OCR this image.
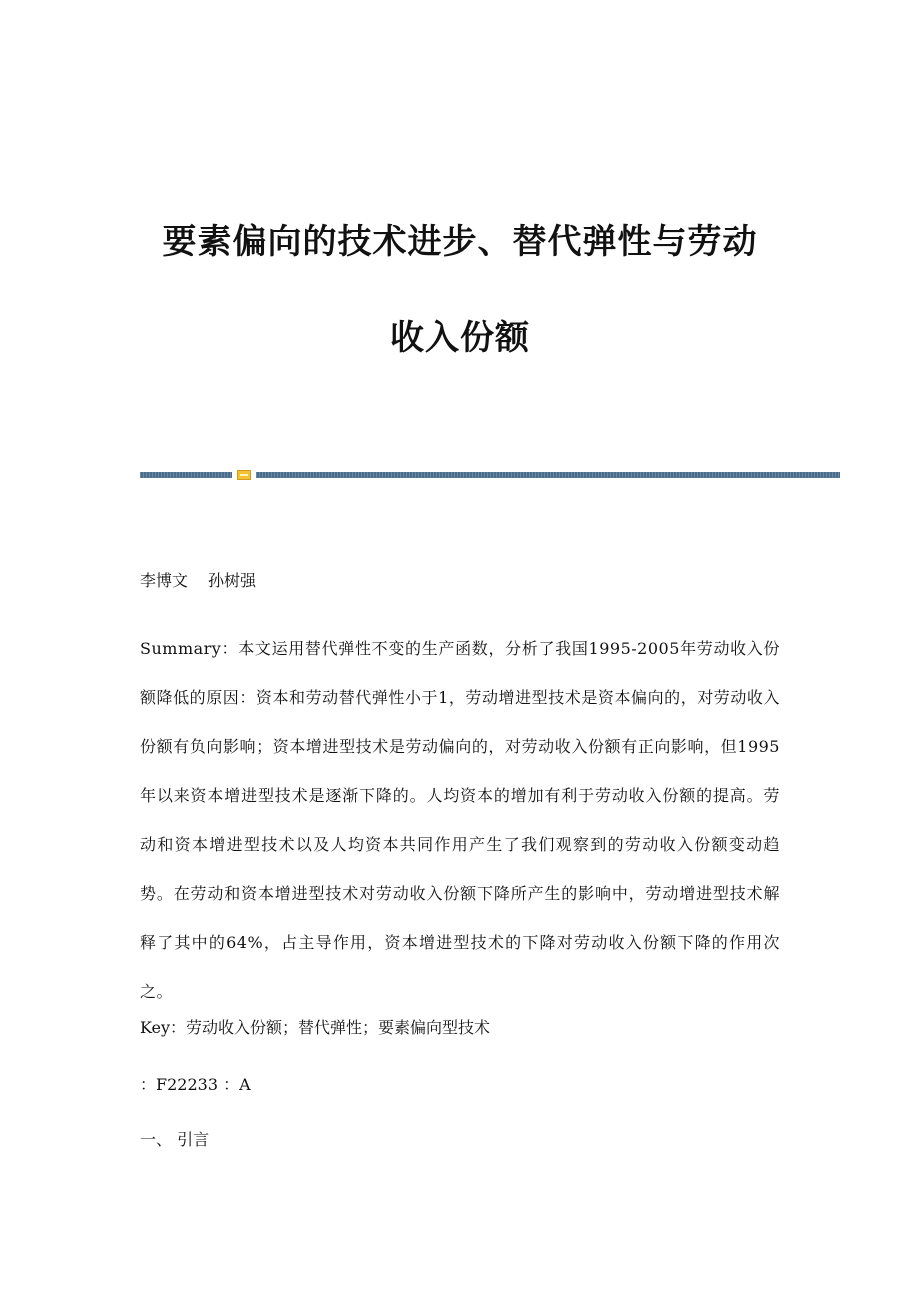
要素偏向的技术进步、替代弹性与劳动
收入份额

李博文 孙树强

Summary：本文运用替代弹性不变的生产函数，分析了我国1995-2005年劳动收入份额降低的原因：资本和劳动替代弹性小于1，劳动增进型技术是资本偏向的，对劳动收入份额有负向影响；资本增进型技术是劳动偏向的，对劳动收入份额有正向影响，但1995年以来资本增进型技术是逐渐下降的。人均资本的增加有利于劳动收入份额的提高。劳动和资本增进型技术以及人均资本共同作用产生了我们观察到的劳动收入份额变动趋势。在劳动和资本增进型技术对劳动收入份额下降所产生的影响中，劳动增进型技术解释了其中的64%，占主导作用，资本增进型技术的下降对劳动收入份额下降的作用次之。

Key：劳动收入份额；替代弹性；要素偏向型技术

：F22233 ：A

一、 引言
